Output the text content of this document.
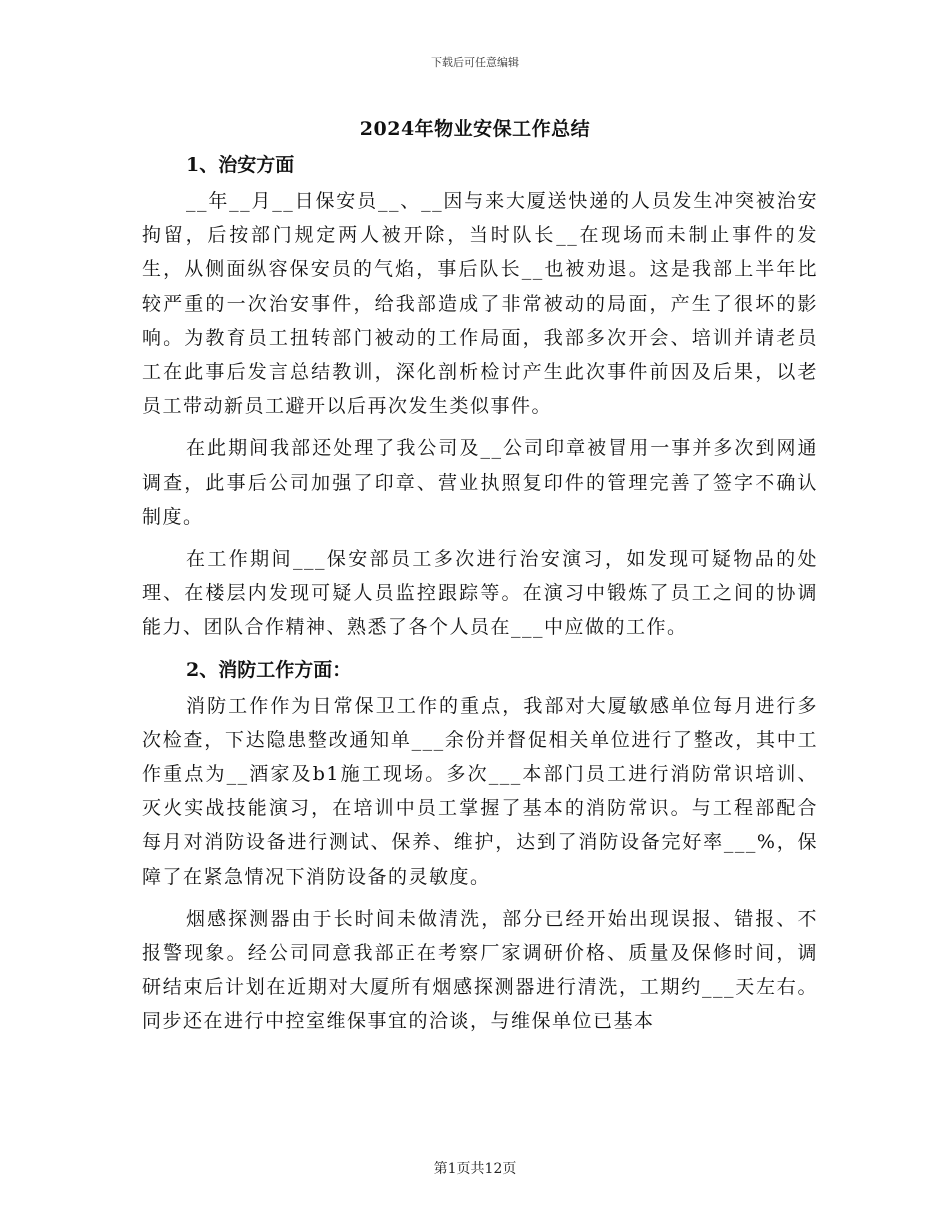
下载后可任意编辑
2024年物业安保工作总结
1、治安方面

__年__月__日保安员__、__因与来大厦送快递的人员发生冲突被治安拘留，后按部门规定两人被开除，当时队长__在现场而未制止事件的发生，从侧面纵容保安员的气焰，事后队长__也被劝退。这是我部上半年比较严重的一次治安事件，给我部造成了非常被动的局面，产生了很坏的影响。为教育员工扭转部门被动的工作局面，我部多次开会、培训并请老员工在此事后发言总结教训，深化剖析检讨产生此次事件前因及后果，以老员工带动新员工避开以后再次发生类似事件。

在此期间我部还处理了我公司及__公司印章被冒用一事并多次到网通调查，此事后公司加强了印章、营业执照复印件的管理完善了签字不确认制度。

在工作期间___保安部员工多次进行治安演习，如发现可疑物品的处理、在楼层内发现可疑人员监控跟踪等。在演习中锻炼了员工之间的协调能力、团队合作精神、熟悉了各个人员在___中应做的工作。

2、消防工作方面：

消防工作作为日常保卫工作的重点，我部对大厦敏感单位每月进行多次检查，下达隐患整改通知单___余份并督促相关单位进行了整改，其中工作重点为__酒家及b1施工现场。多次___本部门员工进行消防常识培训、灭火实战技能演习，在培训中员工掌握了基本的消防常识。与工程部配合每月对消防设备进行测试、保养、维护，达到了消防设备完好率___%，保障了在紧急情况下消防设备的灵敏度。

烟感探测器由于长时间未做清洗，部分已经开始出现误报、错报、不报警现象。经公司同意我部正在考察厂家调研价格、质量及保修时间，调研结束后计划在近期对大厦所有烟感探测器进行清洗，工期约___天左右。同步还在进行中控室维保事宜的洽谈，与维保单位已基本

第1页共12页
